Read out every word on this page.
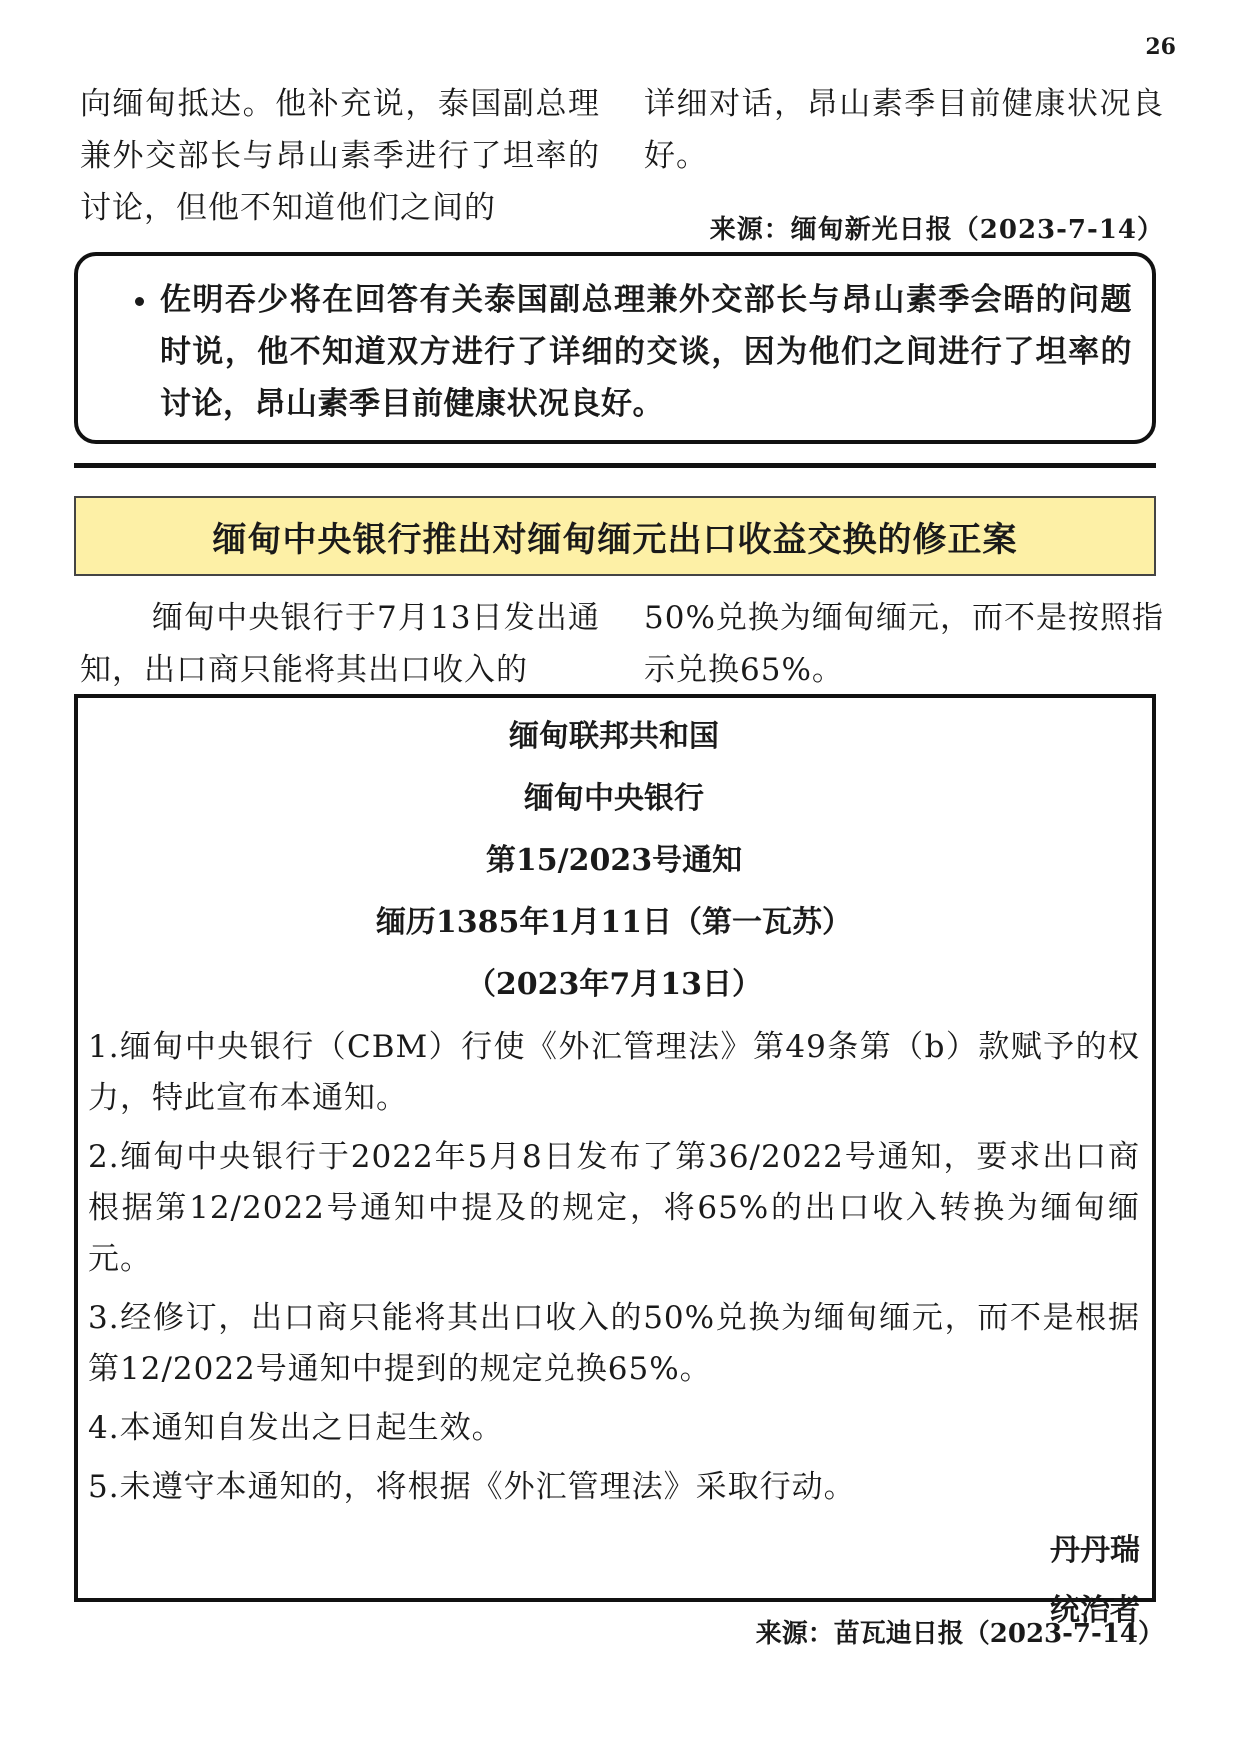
26

向缅甸抵达。他补充说，泰国副总理兼外交部长与昂山素季进行了坦率的讨论，但他不知道他们之间的

详细对话，昂山素季目前健康状况良好。

来源：缅甸新光日报（2023-7-14）
• 佐明吞少将在回答有关泰国副总理兼外交部长与昂山素季会晤的问题时说，他不知道双方进行了详细的交谈，因为他们之间进行了坦率的讨论，昂山素季目前健康状况良好。
缅甸中央银行推出对缅甸缅元出口收益交换的修正案

缅甸中央银行于7月13日发出通知，出口商只能将其出口收入的

50%兑换为缅甸缅元，而不是按照指示兑换65%。

缅甸联邦共和国
缅甸中央银行
第15/2023号通知
缅历1385年1月11日（第一瓦苏）
（2023年7月13日）

1.缅甸中央银行（CBM）行使《外汇管理法》第49条第（b）款赋予的权力，特此宣布本通知。

2.缅甸中央银行于2022年5月8日发布了第36/2022号通知，要求出口商根据第12/2022号通知中提及的规定，将65%的出口收入转换为缅甸缅元。

3.经修订，出口商只能将其出口收入的50%兑换为缅甸缅元，而不是根据第12/2022号通知中提到的规定兑换65%。

4.本通知自发出之日起生效。

5.未遵守本通知的，将根据《外汇管理法》采取行动。

丹丹瑞
统治者
来源：苗瓦迪日报（2023-7-14）
